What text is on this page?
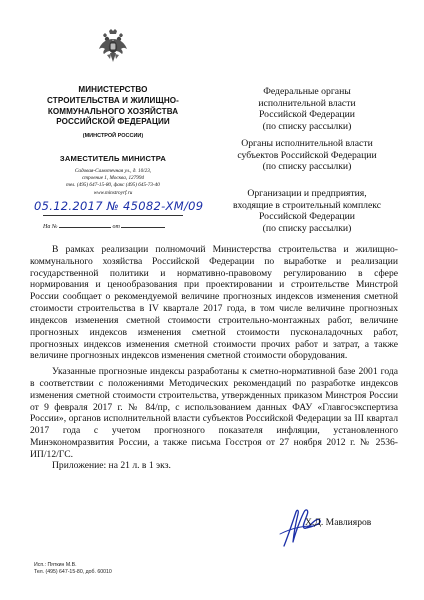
МИНИСТЕРСТВО
СТРОИТЕЛЬСТВА И ЖИЛИЩНО-
КОММУНАЛЬНОГО ХОЗЯЙСТВА
РОССИЙСКОЙ ФЕДЕРАЦИИ
(МИНСТРОЙ РОССИИ)
ЗАМЕСТИТЕЛЬ МИНИСТРА
Садовая-Самотечная ул., д. 10/23,
строение 1, Москва, 127994
тел. (495) 647-15-80, факс (495) 645-73-40
www.minstroyrf.ru
05.12.2017 № 45082-ХМ/09
На №	от
Федеральные органы
исполнительной власти
Российской Федерации
(по списку рассылки)
Органы исполнительной власти
субъектов Российской Федерации
(по списку рассылки)
Организации и предприятия,
входящие в строительный комплекс
Российской Федерации
(по списку рассылки)

В рамках реализации полномочий Министерства строительства и жилищно-коммунального хозяйства Российской Федерации по выработке и реализации государственной политики и нормативно-правовому регулированию в сфере нормирования и ценообразования при проектировании и строительстве Минстрой России сообщает о рекомендуемой величине прогнозных индексов изменения сметной стоимости строительства в IV квартале 2017 года, в том числе величине прогнозных индексов изменения сметной стоимости строительно-монтажных работ, величине прогнозных индексов изменения сметной стоимости пусконаладочных работ, прогнозных индексов изменения сметной стоимости прочих работ и затрат, а также величине прогнозных индексов изменения сметной стоимости оборудования.

Указанные прогнозные индексы разработаны к сметно-нормативной базе 2001 года в соответствии с положениями Методических рекомендаций по разработке индексов изменения сметной стоимости строительства, утвержденных приказом Минстроя России от 9 февраля 2017 г. № 84/пр, с использованием данных ФАУ «Главгосэкспертиза России», органов исполнительной власти субъектов Российской Федерации за III квартал 2017 года с учетом прогнозного показателя инфляции, установленного Минэкономразвития России, а также письма Госстроя от 27 ноября 2012 г. № 2536-ИП/12/ГС.

Приложение: на 21 л. в 1 экз.
Х.Д. Мавлияров
Исп.: Пяткин М.В.
Тел. (495) 647-15-80, доб. 60010
